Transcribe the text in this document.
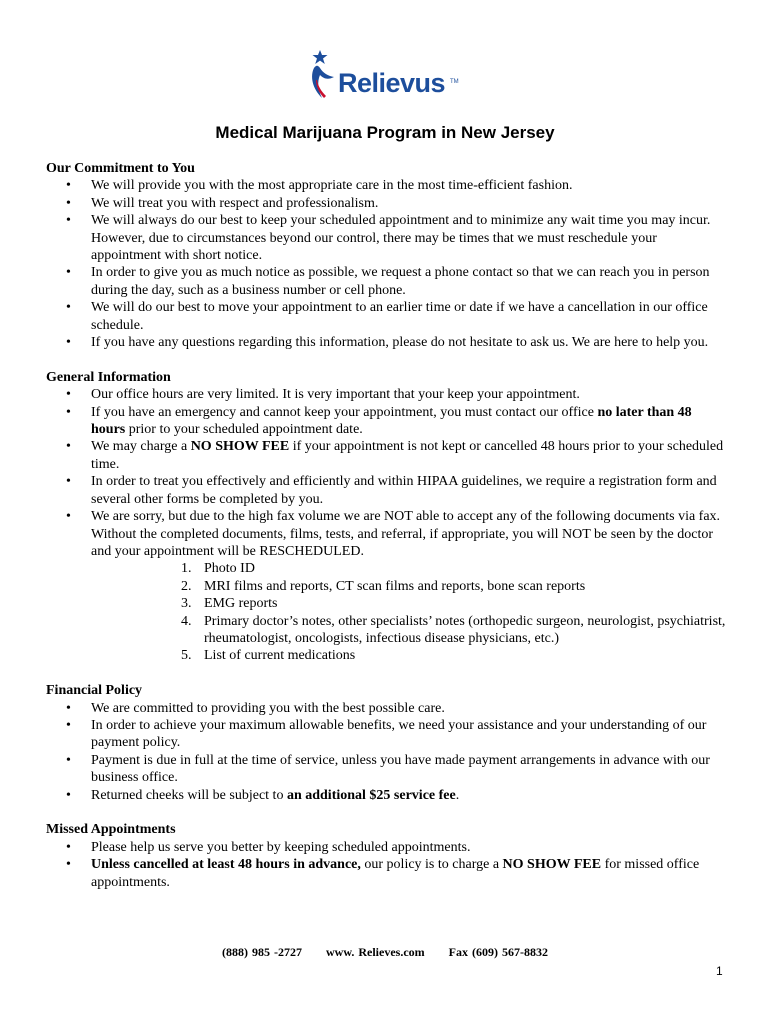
Relievus TM
Medical Marijuana Program in New Jersey

Our Commitment to You

• We will provide you with the most appropriate care in the most time-efficient fashion.
• We will treat you with respect and professionalism.
• We will always do our best to keep your scheduled appointment and to minimize any wait time you may incur. However, due to circumstances beyond our control, there may be times that we must reschedule your appointment with short notice.
• In order to give you as much notice as possible, we request a phone contact so that we can reach you in person during the day, such as a business number or cell phone.
• We will do our best to move your appointment to an earlier time or date if we have a cancellation in our office schedule.
• If you have any questions regarding this information, please do not hesitate to ask us. We are here to help you.

General Information

• Our office hours are very limited. It is very important that your keep your appointment.
• If you have an emergency and cannot keep your appointment, you must contact our office no later than 48 hours prior to your scheduled appointment date.
• We may charge a NO SHOW FEE if your appointment is not kept or cancelled 48 hours prior to your scheduled time.
• In order to treat you effectively and efficiently and within HIPAA guidelines, we require a registration form and several other forms be completed by you.
• We are sorry, but due to the high fax volume we are NOT able to accept any of the following documents via fax. Without the completed documents, films, tests, and referral, if appropriate, you will NOT be seen by the doctor and your appointment will be RESCHEDULED.
1. Photo ID
2. MRI films and reports, CT scan films and reports, bone scan reports
3. EMG reports
4. Primary doctor’s notes, other specialists’ notes (orthopedic surgeon, neurologist, psychiatrist, rheumatologist, oncologists, infectious disease physicians, etc.)
5. List of current medications

Financial Policy

• We are committed to providing you with the best possible care.
• In order to achieve your maximum allowable benefits, we need your assistance and your understanding of our payment policy.
• Payment is due in full at the time of service, unless you have made payment arrangements in advance with our business office.
• Returned cheeks will be subject to an additional $25 service fee.

Missed Appointments

• Please help us serve you better by keeping scheduled appointments.
• Unless cancelled at least 48 hours in advance, our policy is to charge a NO SHOW FEE for missed office appointments.
(888) 985 -2727 www. Relieves.com Fax (609) 567-8832
1
